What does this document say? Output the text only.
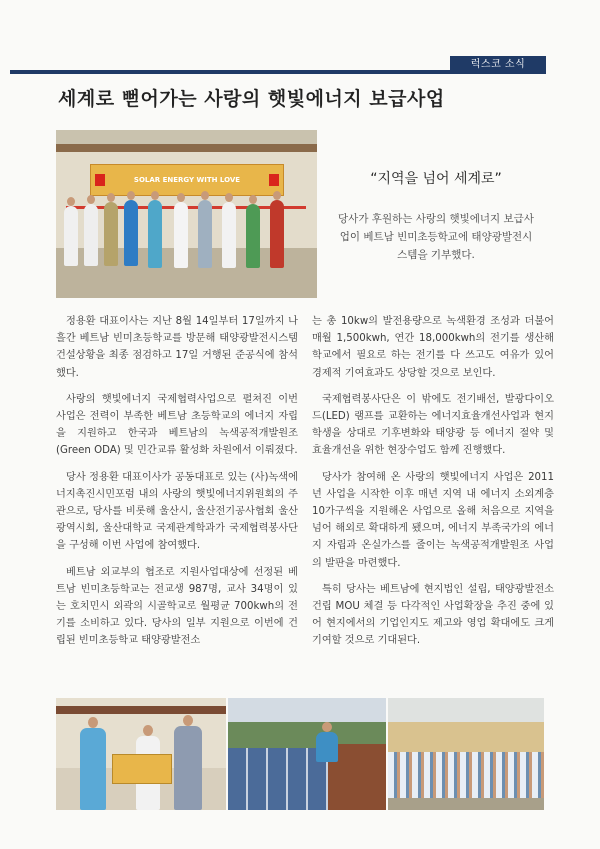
럭스코 소식
세계로 뻗어가는 사랑의 햇빛에너지 보급사업
SOLAR ENERGY WITH LOVE	“지역을 넘어 세계로”

당사가 후원하는 사랑의 햇빛에너지 보급사업이 베트남 빈미초등학교에 태양광발전시스템을 기부했다.

정용환 대표이사는 지난 8월 14일부터 17일까지 나흘간 베트남 빈미초등학교를 방문해 태양광발전시스템 건설상황을 최종 점검하고 17일 거행된 준공식에 참석했다.

사랑의 햇빛에너지 국제협력사업으로 펼쳐진 이번 사업은 전력이 부족한 베트남 초등학교의 에너지 자립을 지원하고 한국과 베트남의 녹색공적개발원조(Green ODA) 및 민간교류 활성화 차원에서 이뤄졌다.

당사 정용환 대표이사가 공동대표로 있는 (사)녹색에너지촉진시민포럼 내의 사랑의 햇빛에너지위원회의 주관으로, 당사를 비롯해 울산시, 울산전기공사협회 울산광역시회, 울산대학교 국제관계학과가 국제협력봉사단을 구성해 이번 사업에 참여했다.

베트남 외교부의 협조로 지원사업대상에 선정된 베트남 빈미초등학교는 전교생 987명, 교사 34명이 있는 호치민시 외곽의 시골학교로 월평균 700kwh의 전기를 소비하고 있다. 당사의 일부 지원으로 이번에 건립된 빈미초등학교 태양광발전소

는 총 10kw의 발전용량으로 녹색환경 조성과 더불어 매월 1,500kwh, 연간 18,000kwh의 전기를 생산해 학교에서 필요로 하는 전기를 다 쓰고도 여유가 있어 경제적 기여효과도 상당할 것으로 보인다.

국제협력봉사단은 이 밖에도 전기배선, 발광다이오드(LED) 램프를 교환하는 에너지효율개선사업과 현지학생을 상대로 기후변화와 태양광 등 에너지 절약 및 효율개선을 위한 현장수업도 함께 진행했다.

당사가 참여해 온 사랑의 햇빛에너지 사업은 2011년 사업을 시작한 이후 매년 지역 내 에너지 소외계층 10가구씩을 지원해온 사업으로 올해 처음으로 지역을 넘어 해외로 확대하게 됐으며, 에너지 부족국가의 에너지 자립과 온실가스를 줄이는 녹색공적개발원조 사업의 발판을 마련했다.

특히 당사는 베트남에 현지법인 설립, 태양광발전소 건립 MOU 체결 등 다각적인 사업확장을 추진 중에 있어 현지에서의 기업인지도 제고와 영업 확대에도 크게 기여할 것으로 기대된다.
